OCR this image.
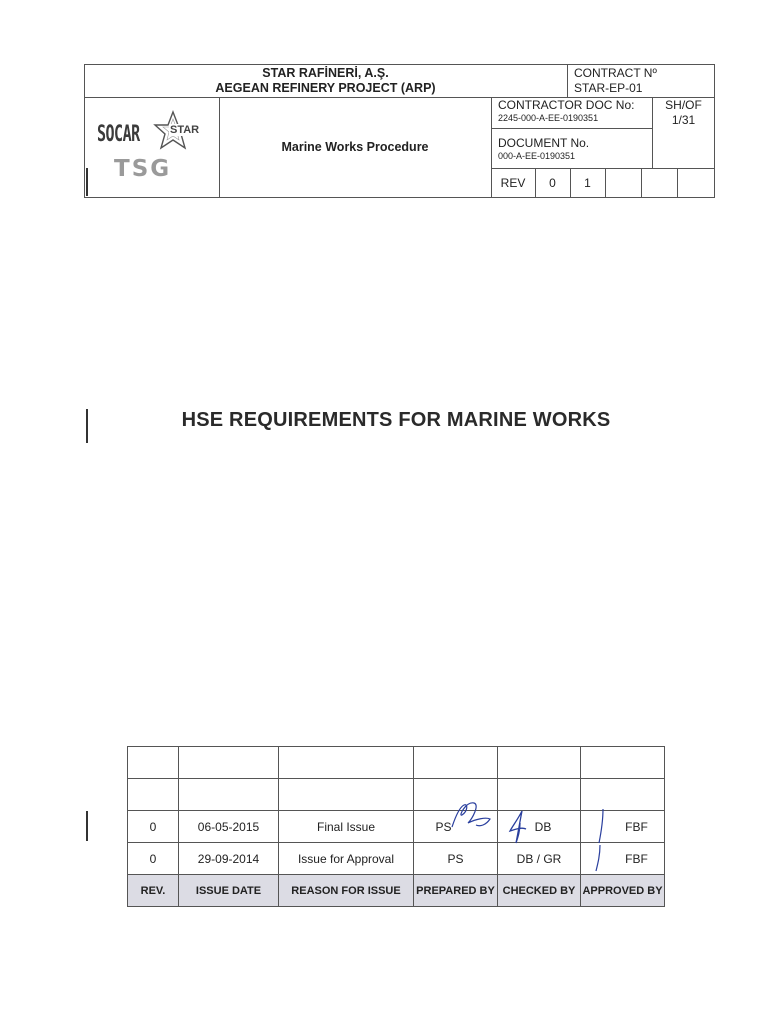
STAR RAFİNERİ, A.Ş.
AEGEAN REFINERY PROJECT (ARP)
CONTRACT Nº
STAR-EP-01
CONTRACTOR DOC No:
2245-000-A-EE-0190351
SH/OF
1/31
DOCUMENT No.
000-A-EE-0190351
Marine Works Procedure
REV	0	1
SOCAR	STAR
TSG
HSE REQUIREMENTS FOR MARINE WORKS

0	06-05-2015	Final Issue	PS	DB	FBF

0	29-09-2014	Issue for Approval	PS	DB / GR	FBF

REV.	ISSUE DATE	REASON FOR ISSUE	PREPARED BY	CHECKED BY	APPROVED BY
